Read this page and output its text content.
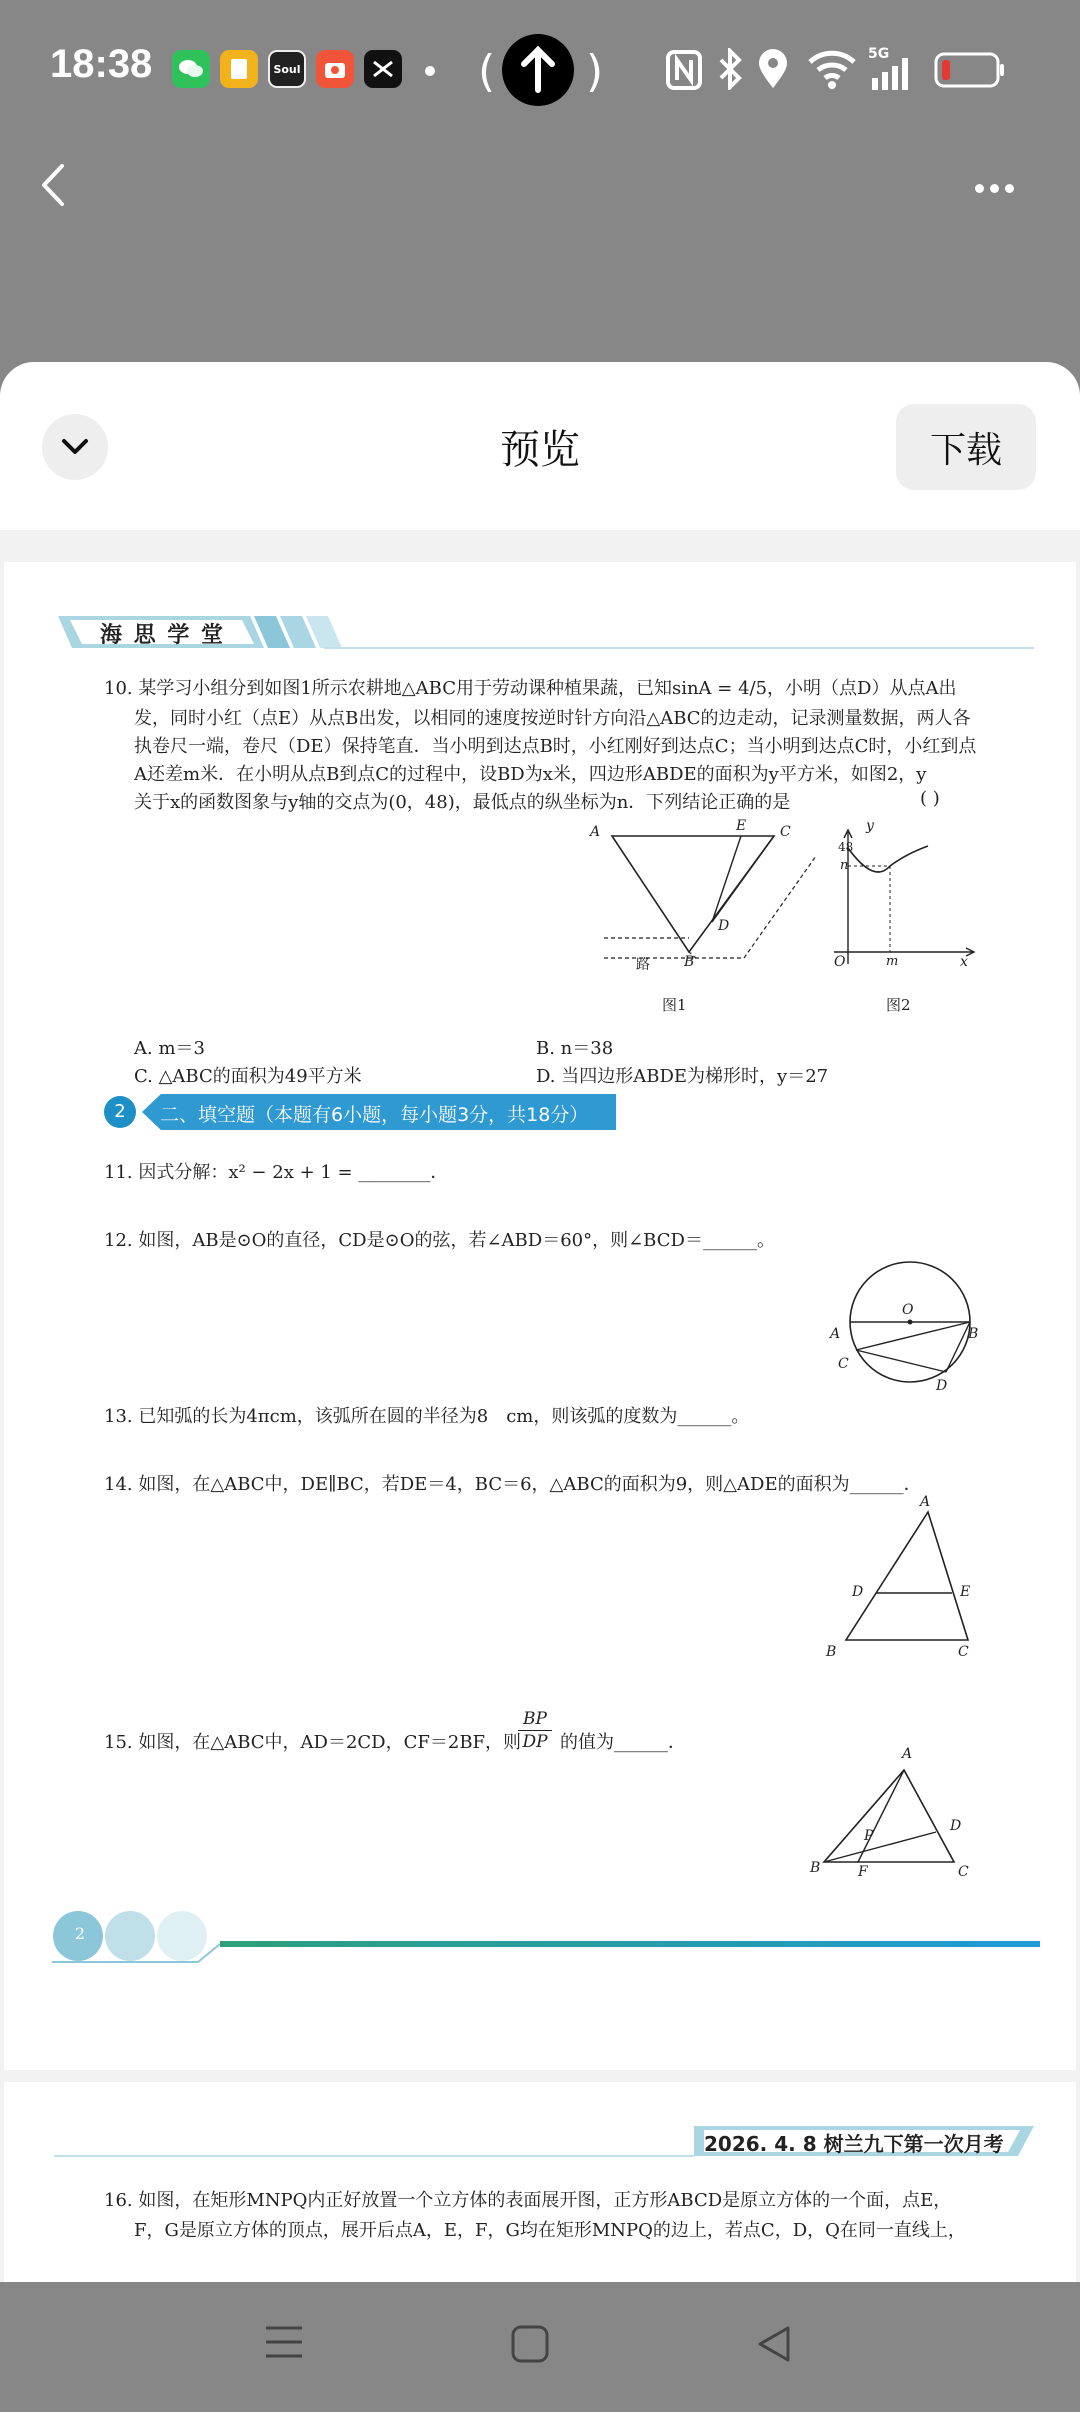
18:38	Soul	( )	5G
预览	下载
海 思 学 堂
10. 某学习小组分到如图1所示农耕地△ABC用于劳动课种植果蔬，已知sinA = 4/5，小明（点D）从点A出
发，同时小红（点E）从点B出发，以相同的速度按逆时针方向沿△ABC的边走动，记录测量数据，两人各
执卷尺一端，卷尺（DE）保持笔直．当小明到达点B时，小红刚好到达点C；当小明到达点C时，小红到点
A还差m米．在小明从点B到点C的过程中，设BD为x米，四边形ABDE的面积为y平方米，如图2，y
关于x的函数图象与y轴的交点为(0，48)，最低点的纵坐标为n．下列结论正确的是	( )
A	E C
D
B
路
图1
y
48
n
O	m	x
图2
A. m＝3	B. n＝38
C. △ABC的面积为49平方米	D. 当四边形ABDE为梯形时，y＝27
2	二、填空题（本题有6小题，每小题3分，共18分）
11. 因式分解：x² − 2x + 1 = ________．
12. 如图，AB是⊙O的直径，CD是⊙O的弦，若∠ABD＝60°，则∠BCD＝______。
A
O
B
C
D
13. 已知弧的长为4πcm，该弧所在圆的半径为8　cm，则该弧的度数为______。
14. 如图，在△ABC中，DE∥BC，若DE＝4，BC＝6，△ABC的面积为9，则△ADE的面积为______．
A
D	E
B	C
15. 如图，在△ABC中，AD＝2CD，CF＝2BF，则
$\frac{BP}{DP}$ 的值为______．
A
D
P
B	F	C
2
2026. 4. 8 树兰九下第一次月考
16. 如图，在矩形MNPQ内正好放置一个立方体的表面展开图，正方形ABCD是原立方体的一个面，点E，
F，G是原立方体的顶点，展开后点A，E，F，G均在矩形MNPQ的边上，若点C，D，Q在同一直线上，
